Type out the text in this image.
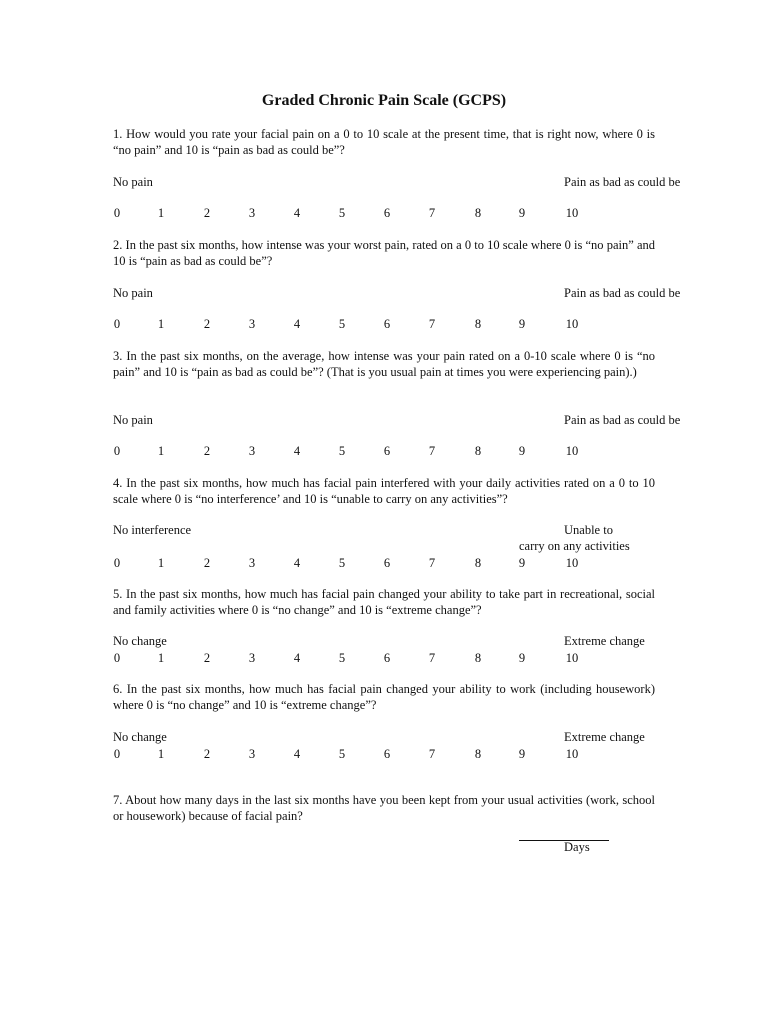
Graded Chronic Pain Scale (GCPS)
1. How would you rate your facial pain on a 0 to 10 scale at the present time, that is right now, where 0 is “no pain” and 10 is “pain as bad as could be”?
No pain	Pain as bad as could be
0	1	2	3	4	5	6	7	8	9	10
2. In the past six months, how intense was your worst pain, rated on a 0 to 10 scale where 0 is “no pain” and 10 is “pain as bad as could be”?
No pain	Pain as bad as could be
0	1	2	3	4	5	6	7	8	9	10
3. In the past six months, on the average, how intense was your pain rated on a 0-10 scale where 0 is “no pain” and 10 is “pain as bad as could be”? (That is you usual pain at times you were experiencing pain).)
No pain	Pain as bad as could be
0	1	2	3	4	5	6	7	8	9	10
4. In the past six months, how much has facial pain interfered with your daily activities rated on a 0 to 10 scale where 0 is “no interference’ and 10 is “unable to carry on any activities”?
No interference	Unable to
carry on any activities
0	1	2	3	4	5	6	7	8	9	10
5. In the past six months, how much has facial pain changed your ability to take part in recreational, social and family activities where 0 is “no change” and 10 is “extreme change”?
No change	Extreme change
0	1	2	3	4	5	6	7	8	9	10
6. In the past six months, how much has facial pain changed your ability to work (including housework) where 0 is “no change” and 10 is “extreme change”?
No change	Extreme change
0	1	2	3	4	5	6	7	8	9	10
7. About how many days in the last six months have you been kept from your usual activities (work, school or housework) because of facial pain?
Days
